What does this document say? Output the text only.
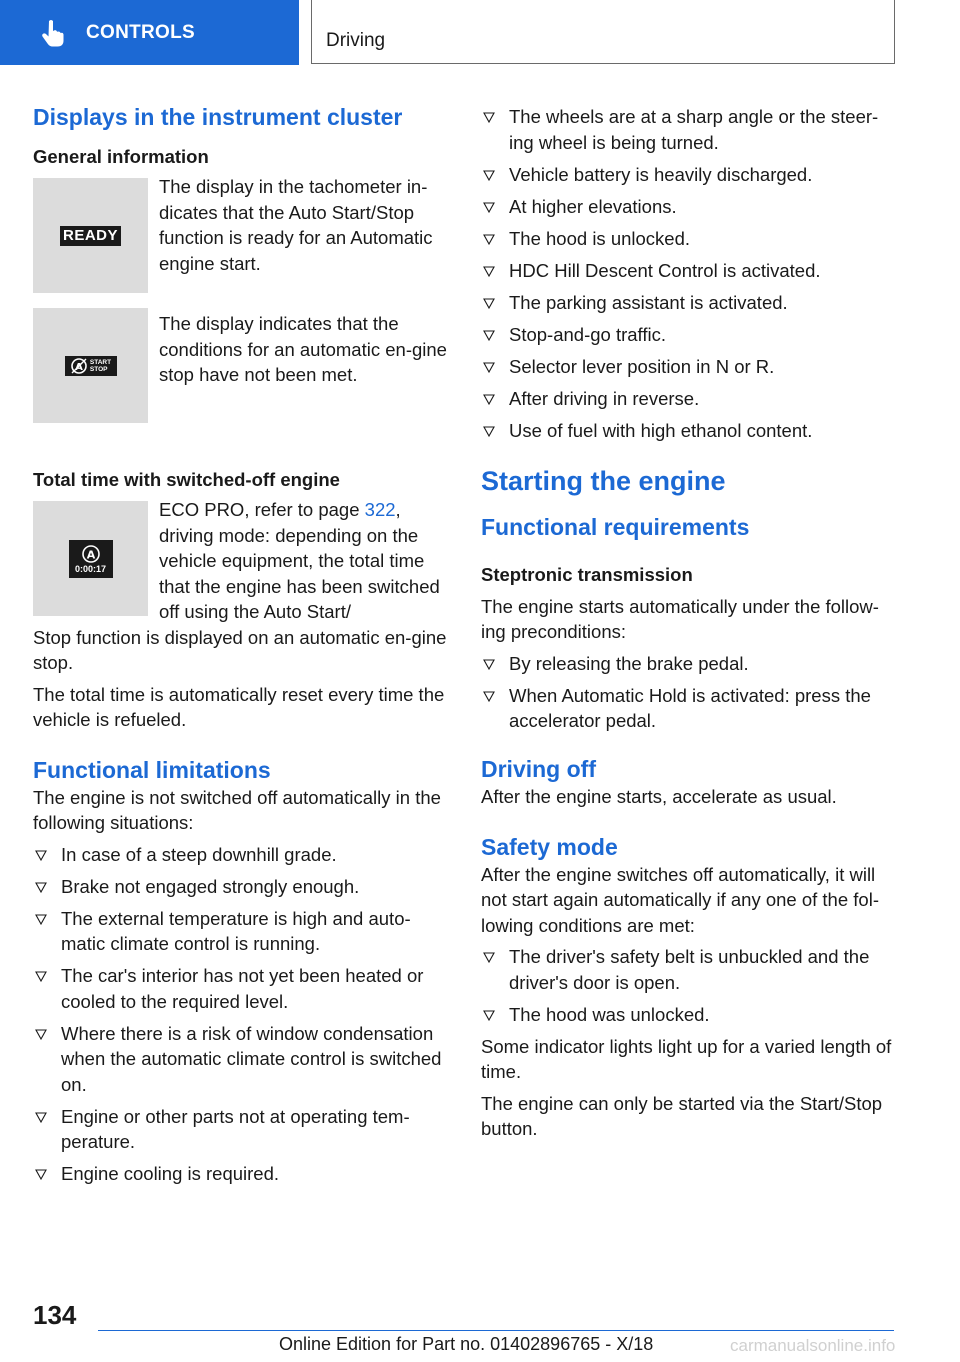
CONTROLS	Driving
Displays in the instrument cluster
General information
READY

The display in the tachometer in-dicates that the Auto Start/Stop function is ready for an Automatic engine start.

A START
STOP

The display indicates that the conditions for an automatic en-gine stop have not been met.

Total time with switched-off engine
A
0:00:17

ECO PRO, refer to page 322, driving mode: depending on the vehicle equipment, the total time that the engine has been switched off using the Auto Start/

Stop function is displayed on an automatic en-gine stop.

The total time is automatically reset every time the vehicle is refueled.

Functional limitations

The engine is not switched off automatically in the following situations:

In case of a steep downhill grade.
Brake not engaged strongly enough.
The external temperature is high and auto-matic climate control is running.
The car's interior has not yet been heated or cooled to the required level.
Where there is a risk of window condensation when the automatic climate control is switched on.
Engine or other parts not at operating tem-perature.
Engine cooling is required.
The wheels are at a sharp angle or the steer-ing wheel is being turned.
Vehicle battery is heavily discharged.
At higher elevations.
The hood is unlocked.
HDC Hill Descent Control is activated.
The parking assistant is activated.
Stop-and-go traffic.
Selector lever position in N or R.
After driving in reverse.
Use of fuel with high ethanol content.
Starting the engine
Functional requirements
Steptronic transmission

The engine starts automatically under the follow-ing preconditions:

By releasing the brake pedal.
When Automatic Hold is activated: press the accelerator pedal.
Driving off

After the engine starts, accelerate as usual.

Safety mode

After the engine switches off automatically, it will not start again automatically if any one of the fol-lowing conditions are met:

The driver's safety belt is unbuckled and the driver's door is open.
The hood was unlocked.

Some indicator lights light up for a varied length of time.

The engine can only be started via the Start/Stop button.

134
Online Edition for Part no. 01402896765 - X/18	carmanualsonline.info
